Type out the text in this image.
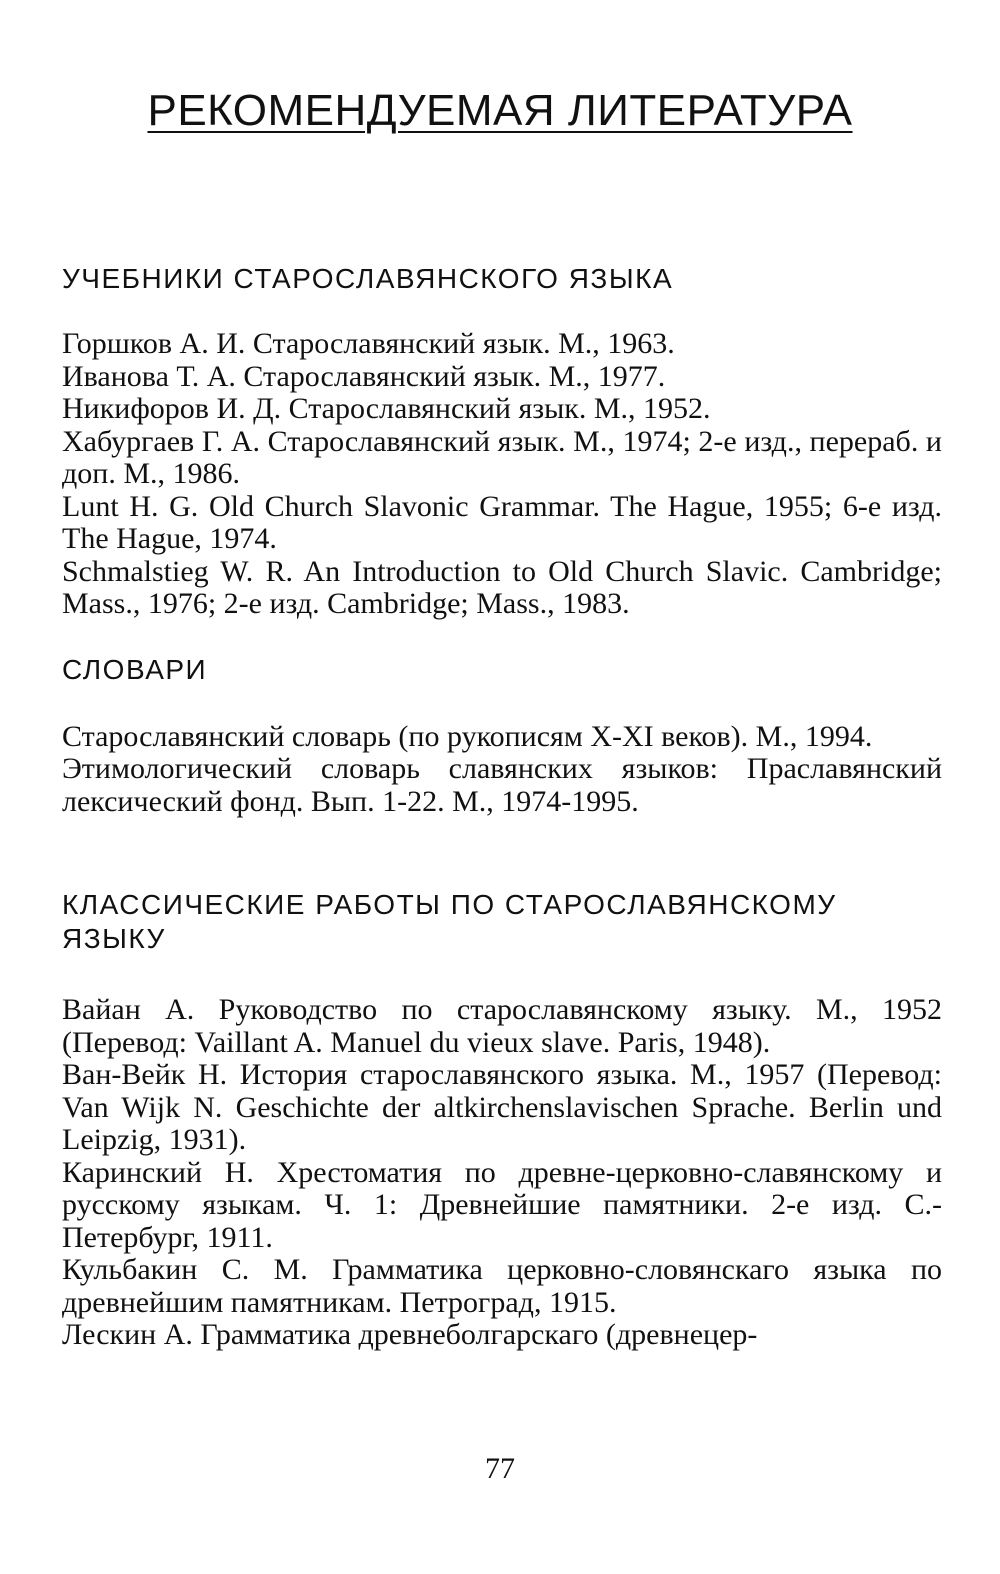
РЕКОМЕНДУЕМАЯ ЛИТЕРАТУРА
УЧЕБНИКИ СТАРОСЛАВЯНСКОГО ЯЗЫКА
Горшков А. И. Старославянский язык. М., 1963.
Иванова Т. А. Старославянский язык. М., 1977.
Никифоров И. Д. Старославянский язык. М., 1952.
Хабургаев Г. А. Старославянский язык. М., 1974; 2-е изд., перераб. и доп. М., 1986.
Lunt H. G. Old Church Slavonic Grammar. The Hague, 1955; 6-е изд. The Hague, 1974.
Schmalstieg W. R. An Introduction to Old Church Slavic. Cambridge; Mass., 1976; 2-е изд. Cambridge; Mass., 1983.
СЛОВАРИ
Старославянский словарь (по рукописям X-XI веков). М., 1994.
Этимологический словарь славянских языков: Праславянский лексический фонд. Вып. 1-22. М., 1974-1995.
КЛАССИЧЕСКИЕ РАБОТЫ ПО СТАРОСЛАВЯНСКОМУ ЯЗЫКУ
Вайан А. Руководство по старославянскому языку. М., 1952 (Перевод: Vaillant A. Manuel du vieux slave. Paris, 1948).
Ван-Вейк Н. История старославянского языка. М., 1957 (Перевод: Van Wijk N. Geschichte der altkirchenslavischen Sprache. Berlin und Leipzig, 1931).
Каринский Н. Хрестоматия по древне-церковно-славянскому и русскому языкам. Ч. 1: Древнейшие памятники. 2-е изд. С.-Петербург, 1911.
Кульбакин С. М. Грамматика церковно-словянскаго языка по древнейшим памятникам. Петроград, 1915.
Лескин А. Грамматика древнеболгарскаго (древнецер-
77
